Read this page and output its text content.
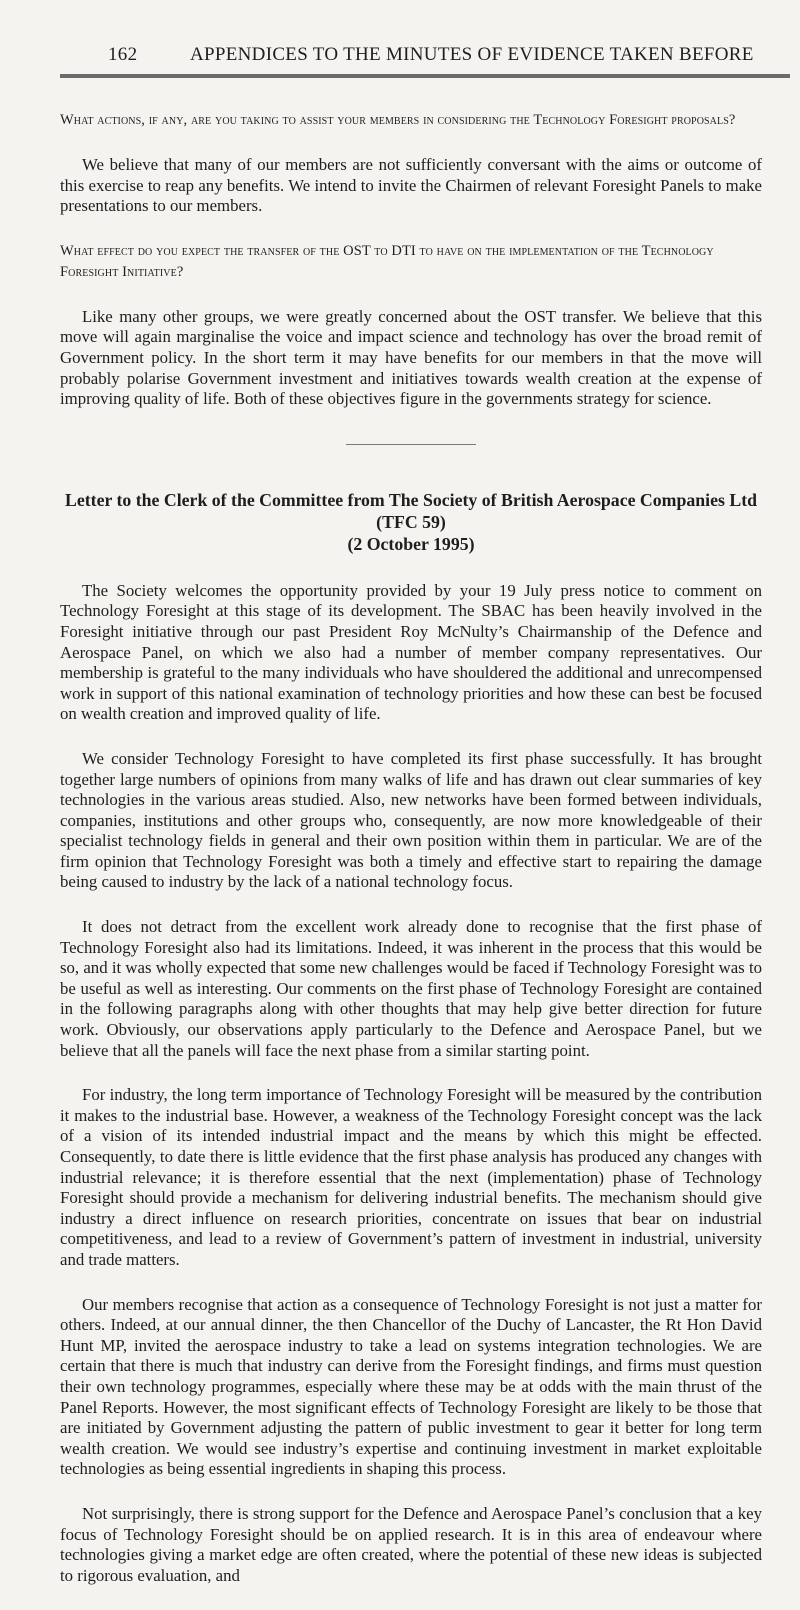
162	APPENDICES TO THE MINUTES OF EVIDENCE TAKEN BEFORE

What actions, if any, are you taking to assist your members in considering the Technology Foresight proposals?

We believe that many of our members are not sufficiently conversant with the aims or outcome of this exercise to reap any benefits. We intend to invite the Chairmen of relevant Foresight Panels to make presentations to our members.

What effect do you expect the transfer of the OST to DTI to have on the implementation of the Technology Foresight Initiative?

Like many other groups, we were greatly concerned about the OST transfer. We believe that this move will again marginalise the voice and impact science and technology has over the broad remit of Government policy. In the short term it may have benefits for our members in that the move will probably polarise Government investment and initiatives towards wealth creation at the expense of improving quality of life. Both of these objectives figure in the governments strategy for science.

Letter to the Clerk of the Committee from The Society of British Aerospace Companies Ltd (TFC 59)
(2 October 1995)

The Society welcomes the opportunity provided by your 19 July press notice to comment on Technology Foresight at this stage of its development. The SBAC has been heavily involved in the Foresight initiative through our past President Roy McNulty’s Chairmanship of the Defence and Aerospace Panel, on which we also had a number of member company representatives. Our membership is grateful to the many individuals who have shouldered the additional and unrecompensed work in support of this national examination of technology priorities and how these can best be focused on wealth creation and improved quality of life.

We consider Technology Foresight to have completed its first phase successfully. It has brought together large numbers of opinions from many walks of life and has drawn out clear summaries of key technologies in the various areas studied. Also, new networks have been formed between individuals, companies, institutions and other groups who, consequently, are now more knowledgeable of their specialist technology fields in general and their own position within them in particular. We are of the firm opinion that Technology Foresight was both a timely and effective start to repairing the damage being caused to industry by the lack of a national technology focus.

It does not detract from the excellent work already done to recognise that the first phase of Technology Foresight also had its limitations. Indeed, it was inherent in the process that this would be so, and it was wholly expected that some new challenges would be faced if Technology Foresight was to be useful as well as interesting. Our comments on the first phase of Technology Foresight are contained in the following paragraphs along with other thoughts that may help give better direction for future work. Obviously, our observations apply particularly to the Defence and Aerospace Panel, but we believe that all the panels will face the next phase from a similar starting point.

For industry, the long term importance of Technology Foresight will be measured by the contribution it makes to the industrial base. However, a weakness of the Technology Foresight concept was the lack of a vision of its intended industrial impact and the means by which this might be effected. Consequently, to date there is little evidence that the first phase analysis has produced any changes with industrial relevance; it is therefore essential that the next (implementation) phase of Technology Foresight should provide a mechanism for delivering industrial benefits. The mechanism should give industry a direct influence on research priorities, concentrate on issues that bear on industrial competitiveness, and lead to a review of Government’s pattern of investment in industrial, university and trade matters.

Our members recognise that action as a consequence of Technology Foresight is not just a matter for others. Indeed, at our annual dinner, the then Chancellor of the Duchy of Lancaster, the Rt Hon David Hunt MP, invited the aerospace industry to take a lead on systems integration technologies. We are certain that there is much that industry can derive from the Foresight findings, and firms must question their own technology programmes, especially where these may be at odds with the main thrust of the Panel Reports. However, the most significant effects of Technology Foresight are likely to be those that are initiated by Government adjusting the pattern of public investment to gear it better for long term wealth creation. We would see industry’s expertise and continuing investment in market exploitable technologies as being essential ingredients in shaping this process.

Not surprisingly, there is strong support for the Defence and Aerospace Panel’s conclusion that a key focus of Technology Foresight should be on applied research. It is in this area of endeavour where technologies giving a market edge are often created, where the potential of these new ideas is subjected to rigorous evaluation, and
